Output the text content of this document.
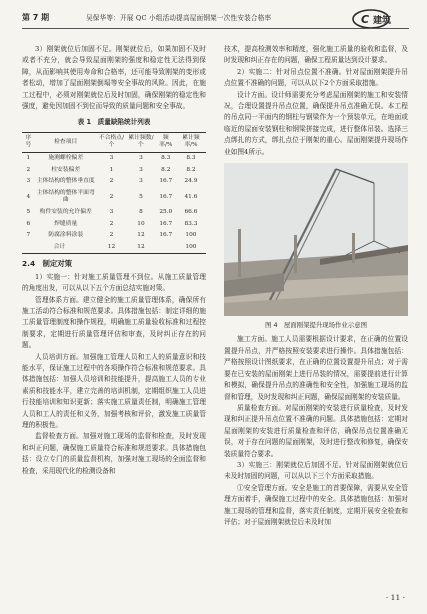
第 7 期	吴保华等：开展 QC 小组活动提高屋面钢架一次性安装合格率	C 建筑

3）刚架就位后加固不足。刚架就位后，如果加固不及时或者不充分，就会导致屋面刚架的强度和稳定性无法得到保障，从而影响其使用寿命和合格率，还可能导致刚架的变形或者松动，增加了屋面刚架倒塌等安全事故的风险。因此，在施工过程中，必须对刚架就位后及时加固，确保刚架的稳定性和强度，避免因加固不到位而导致的质量问题和安全事故。

表 1　质量缺陷统计列表
序号	检查项目	不合格点/个	累计频数/个	频率/%	累计频率/%
1	施测螺栓偏差	3	3	8.3	8.3
2	柱安装偏差	1	3	8.2	8.2
3	主体结构的整体垂直度	2	3	16.7	24.9
4	主体结构的整体平面弯曲	2	5	16.7	41.6
5	构件安装的允许偏差	3	8	25.0	66.6
6	焊缝质量	2	10	16.7	83.3
7	防腐涂料涂装	2	12	16.7	100
合计		12	12		100
2.4　制定对策

1）实施一：针对施工质量管理不到位。从施工质量管理的角度出发，可以从以下五个方面总结实施对策。

管理体系方面。建立健全的施工质量管理体系，确保所有施工活动符合标准和规范要求。具体措施包括：制定详细的施工质量管理制度和操作规程，明确施工质量验收标准和过程控制要求，定期进行质量管理评估和审查，及时纠正存在的问题。

人员培训方面。加强施工管理人员和工人的质量意识和技能水平，保证施工过程中的各项操作符合标准和规范要求。具体措施包括：加强人员培训和技能提升，提高施工人员的专业素质和技能水平，建立完善的培训机制，定期组织施工人员进行技能培训和知识更新；落实施工质量责任制，明确施工管理人员和工人的责任和义务，加强考核和评价，激发施工质量管理的积极性。

监督检查方面。加强对施工现场的监督和检查，及时发现和纠正问题，确保施工质量符合标准和规范要求。具体措施包括：设立专门的质量监督机构，加强对施工现场的全面监督和检查，采用现代化的检测设备和

技术，提高检测效率和精度，强化施工质量的验收和监督，及时发现和纠正存在的问题，确保工程质量达到设计要求。

2）实施二：针对吊点位置不准确。针对屋面刚架提升吊点位置不准确的问题，可以从以下2个方面采取措施。

设计方面。设计师需要充分考虑屋面刚架的施工和安装情况，合理设置提升吊点位置，确保提升吊点准确无误。本工程的吊点同一平面内的钢柱与钢梁作为一个预装单元，在地面或临近的屋面安装钢柱和钢梁拼接完成，进行整体吊装。选择三点绑扎的方式，绑扎点位于刚架的重心。屋面刚架提升现场作业如图4所示。

图 4　屋面刚架提升现场作业示意图

施工方面。施工人员需要根据设计要求，在正确的位置设置提升吊点，并严格按照安装要求进行操作。具体措施包括：严格按照设计图纸要求，在正确的位置设置提升吊点；对于需要在已安装的屋面刚架上进行吊装的情况，需要提前进行计算和模拟，确保提升吊点的准确性和安全性，加强施工现场的监督和管理，及时发现和纠正问题，确保屋面刚架的安装质量。

质量检查方面。对屋面刚架的安装进行质量检查，及时发现和纠正提升吊点位置不准确的问题。具体措施包括：定期对屋面刚架的安装进行质量检查和评估，确保吊点位置准确无误，对于存在问题的屋面刚架，及时进行整改和修复，确保安装质量符合要求。

3）实施三：刚架就位后加固不足。针对屋面刚架就位后未及时加固的问题，可以从以下三个方面采取措施。

①安全管理方面。安全是施工的首要保障，需要从安全管理方面着手，确保施工过程中的安全。具体措施包括：加强对施工现场的管理和监督，落实责任制度，定期开展安全检查和评估；对于屋面刚架就位后未及时加

· 11 ·
